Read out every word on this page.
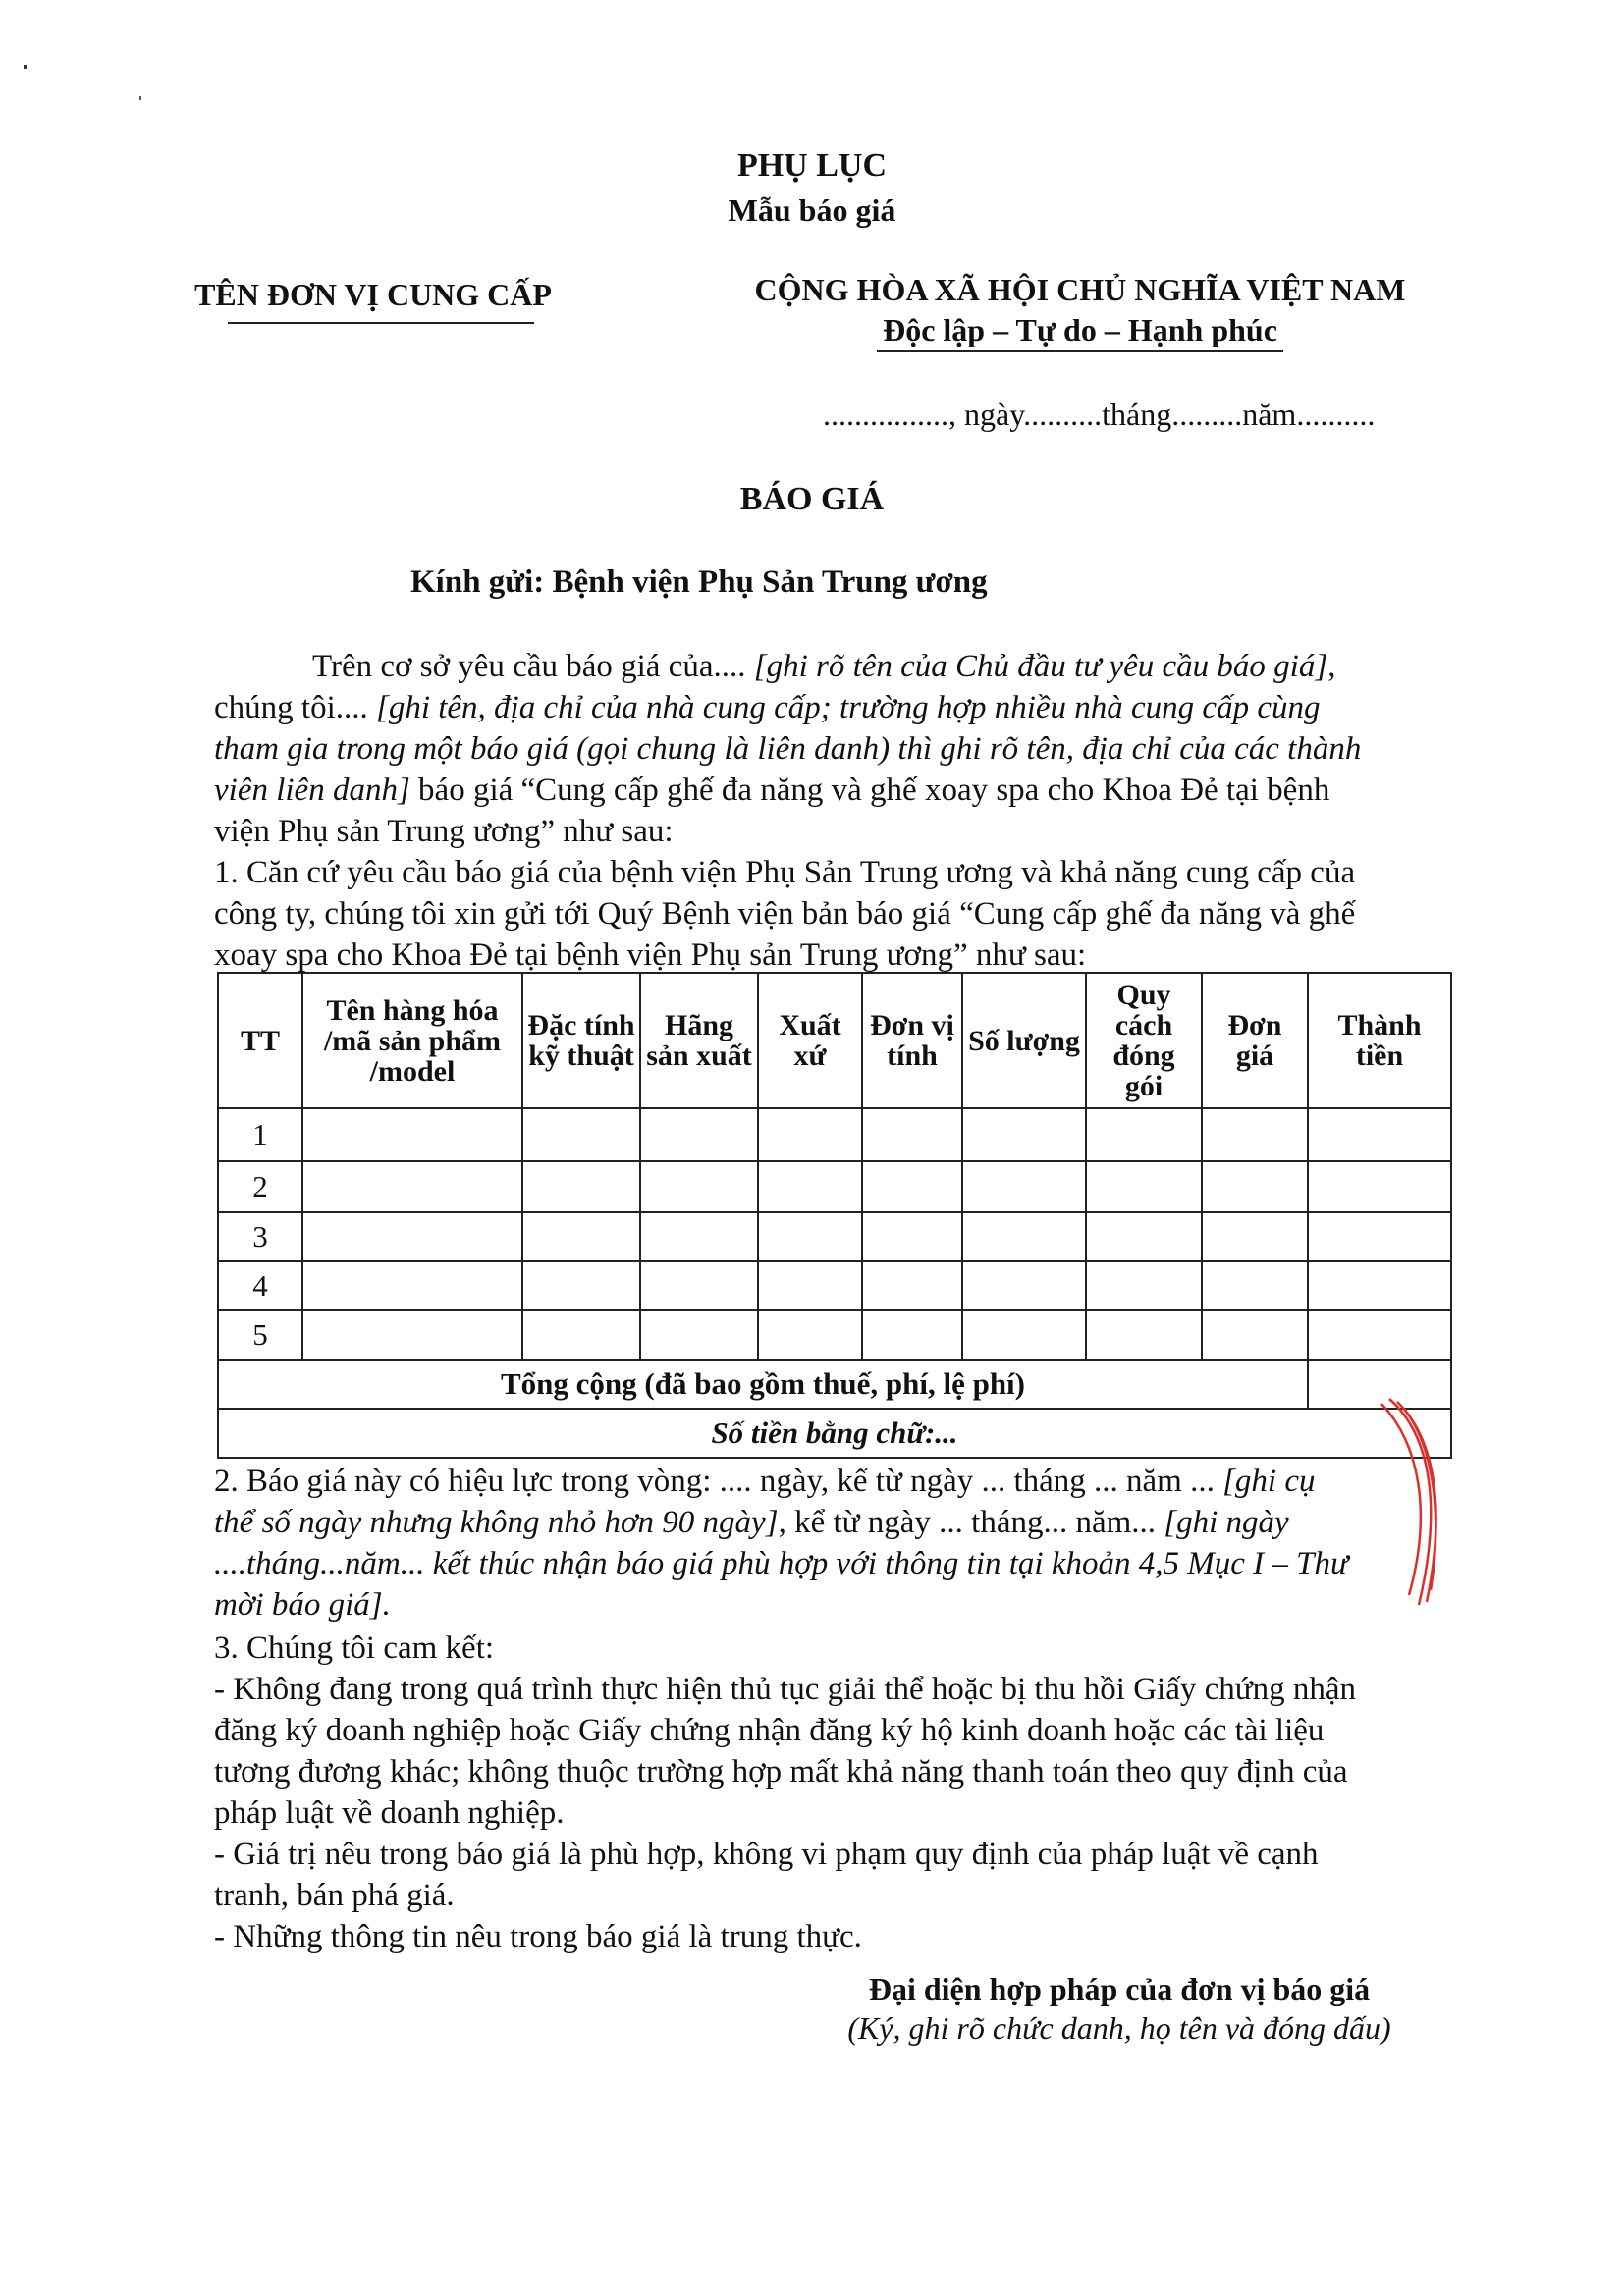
PHỤ LỤC
Mẫu báo giá
TÊN ĐƠN VỊ CUNG CẤP	CỘNG HÒA XÃ HỘI CHỦ NGHĨA VIỆT NAM
Độc lập – Tự do – Hạnh phúc
................, ngày..........tháng.........năm..........
BÁO GIÁ
Kính gửi: Bệnh viện Phụ Sản Trung ương
Trên cơ sở yêu cầu báo giá của.... [ghi rõ tên của Chủ đầu tư yêu cầu báo giá],
chúng tôi.... [ghi tên, địa chỉ của nhà cung cấp; trường hợp nhiều nhà cung cấp cùng
tham gia trong một báo giá (gọi chung là liên danh) thì ghi rõ tên, địa chỉ của các thành
viên liên danh] báo giá “Cung cấp ghế đa năng và ghế xoay spa cho Khoa Đẻ tại bệnh
viện Phụ sản Trung ương” như sau:
1. Căn cứ yêu cầu báo giá của bệnh viện Phụ Sản Trung ương và khả năng cung cấp của
công ty, chúng tôi xin gửi tới Quý Bệnh viện bản báo giá “Cung cấp ghế đa năng và ghế
xoay spa cho Khoa Đẻ tại bệnh viện Phụ sản Trung ương” như sau:
TT	Tên hàng hóa /mã sản phẩm /model	Đặc tính kỹ thuật	Hãng sản xuất	Xuất xứ	Đơn vị tính	Số lượng	Quy cách đóng gói	Đơn giá	Thành tiền
1									
2									
3									
4									
5									
Tổng cộng (đã bao gồm thuế, phí, lệ phí)									
Số tiền bằng chữ:...									
2. Báo giá này có hiệu lực trong vòng: .... ngày, kể từ ngày ... tháng ... năm ... [ghi cụ
thể số ngày nhưng không nhỏ hơn 90 ngày], kể từ ngày ... tháng... năm... [ghi ngày
....tháng...năm... kết thúc nhận báo giá phù hợp với thông tin tại khoản 4,5 Mục I – Thư
mời báo giá].
3. Chúng tôi cam kết:
- Không đang trong quá trình thực hiện thủ tục giải thể hoặc bị thu hồi Giấy chứng nhận
đăng ký doanh nghiệp hoặc Giấy chứng nhận đăng ký hộ kinh doanh hoặc các tài liệu
tương đương khác; không thuộc trường hợp mất khả năng thanh toán theo quy định của
pháp luật về doanh nghiệp.
- Giá trị nêu trong báo giá là phù hợp, không vi phạm quy định của pháp luật về cạnh
tranh, bán phá giá.
- Những thông tin nêu trong báo giá là trung thực.
Đại diện hợp pháp của đơn vị báo giá
(Ký, ghi rõ chức danh, họ tên và đóng dấu)
